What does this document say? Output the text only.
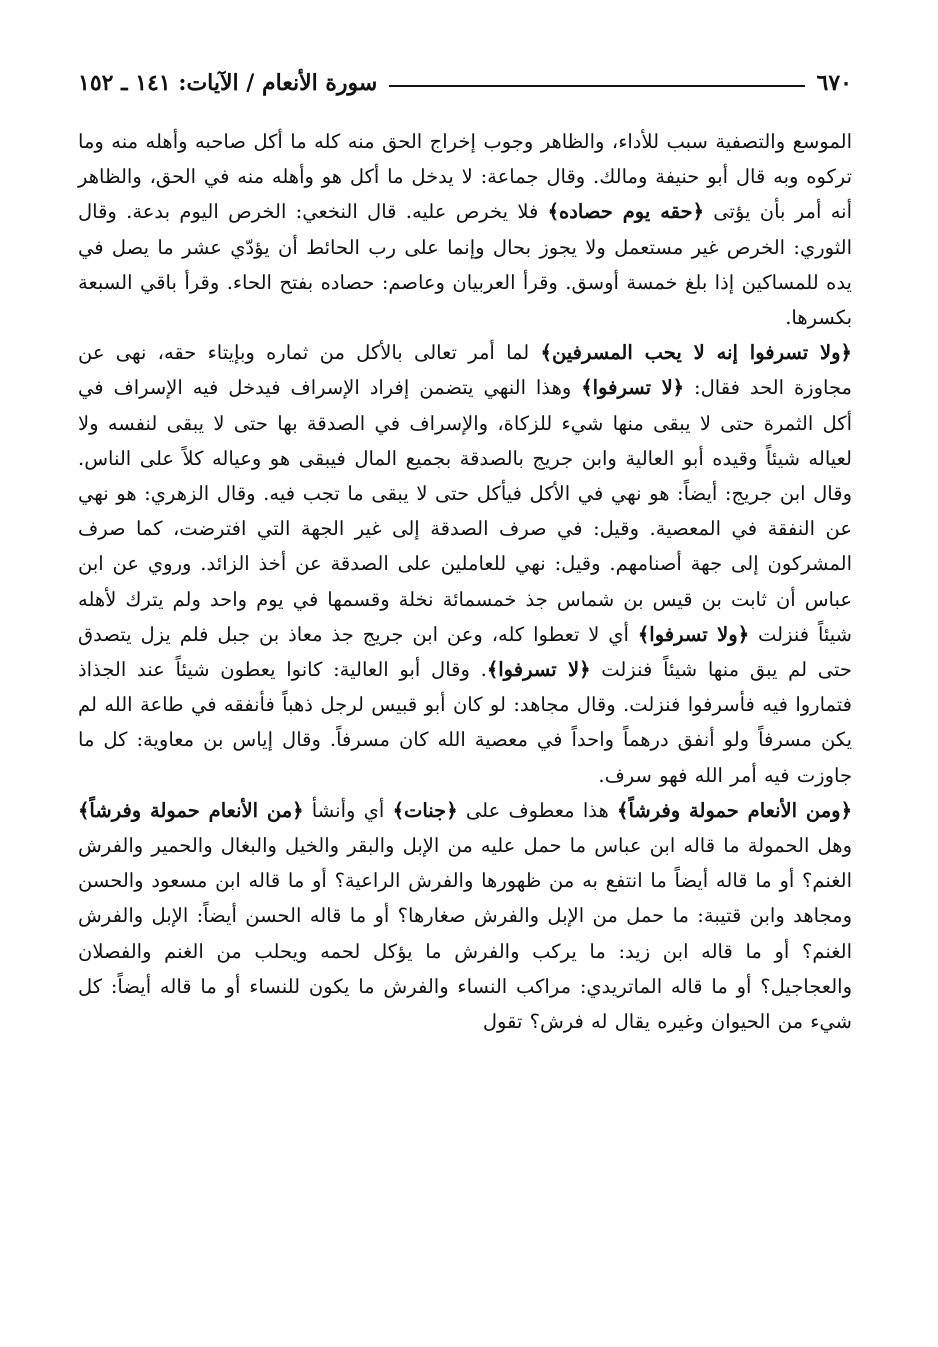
٦٧٠
سورة الأنعام / الآيات: ١٤١ ـ ١٥٢

الموسع والتصفية سبب للأداء، والظاهر وجوب إخراج الحق منه كله ما أكل صاحبه وأهله منه وما تركوه وبه قال أبو حنيفة ومالك. وقال جماعة: لا يدخل ما أكل هو وأهله منه في الحق، والظاهر أنه أمر بأن يؤتى ﴿حقه يوم حصاده﴾ فلا يخرص عليه. قال النخعي: الخرص اليوم بدعة. وقال الثوري: الخرص غير مستعمل ولا يجوز بحال وإنما على رب الحائط أن يؤدّي عشر ما يصل في يده للمساكين إذا بلغ خمسة أوسق. وقرأ العربيان وعاصم: حصاده بفتح الحاء. وقرأ باقي السبعة بكسرها.

﴿ولا تسرفوا إنه لا يحب المسرفين﴾ لما أمر تعالى بالأكل من ثماره وبإيتاء حقه، نهى عن مجاوزة الحد فقال: ﴿لا تسرفوا﴾ وهذا النهي يتضمن إفراد الإسراف فيدخل فيه الإسراف في أكل الثمرة حتى لا يبقى منها شيء للزكاة، والإسراف في الصدقة بها حتى لا يبقى لنفسه ولا لعياله شيئاً وقيده أبو العالية وابن جريج بالصدقة بجميع المال فيبقى هو وعياله كلاً على الناس. وقال ابن جريج: أيضاً: هو نهي في الأكل فيأكل حتى لا يبقى ما تجب فيه. وقال الزهري: هو نهي عن النفقة في المعصية. وقيل: في صرف الصدقة إلى غير الجهة التي افترضت، كما صرف المشركون إلى جهة أصنامهم. وقيل: نهي للعاملين على الصدقة عن أخذ الزائد. وروي عن ابن عباس أن ثابت بن قيس بن شماس جذ خمسمائة نخلة وقسمها في يوم واحد ولم يترك لأهله شيئاً فنزلت ﴿ولا تسرفوا﴾ أي لا تعطوا كله، وعن ابن جريج جذ معاذ بن جبل فلم يزل يتصدق حتى لم يبق منها شيئاً فنزلت ﴿لا تسرفوا﴾. وقال أبو العالية: كانوا يعطون شيئاً عند الجذاذ فتماروا فيه فأسرفوا فنزلت. وقال مجاهد: لو كان أبو قبيس لرجل ذهباً فأنفقه في طاعة الله لم يكن مسرفاً ولو أنفق درهماً واحداً في معصية الله كان مسرفاً. وقال إياس بن معاوية: كل ما جاوزت فيه أمر الله فهو سرف.

﴿ومن الأنعام حمولة وفرشاً﴾ هذا معطوف على ﴿جنات﴾ أي وأنشأ ﴿من الأنعام حمولة وفرشاً﴾ وهل الحمولة ما قاله ابن عباس ما حمل عليه من الإبل والبقر والخيل والبغال والحمير والفرش الغنم؟ أو ما قاله أيضاً ما انتفع به من ظهورها والفرش الراعية؟ أو ما قاله ابن مسعود والحسن ومجاهد وابن قتيبة: ما حمل من الإبل والفرش صغارها؟ أو ما قاله الحسن أيضاً: الإبل والفرش الغنم؟ أو ما قاله ابن زيد: ما يركب والفرش ما يؤكل لحمه ويحلب من الغنم والفصلان والعجاجيل؟ أو ما قاله الماتريدي: مراكب النساء والفرش ما يكون للنساء أو ما قاله أيضاً: كل شيء من الحيوان وغيره يقال له فرش؟ تقول
